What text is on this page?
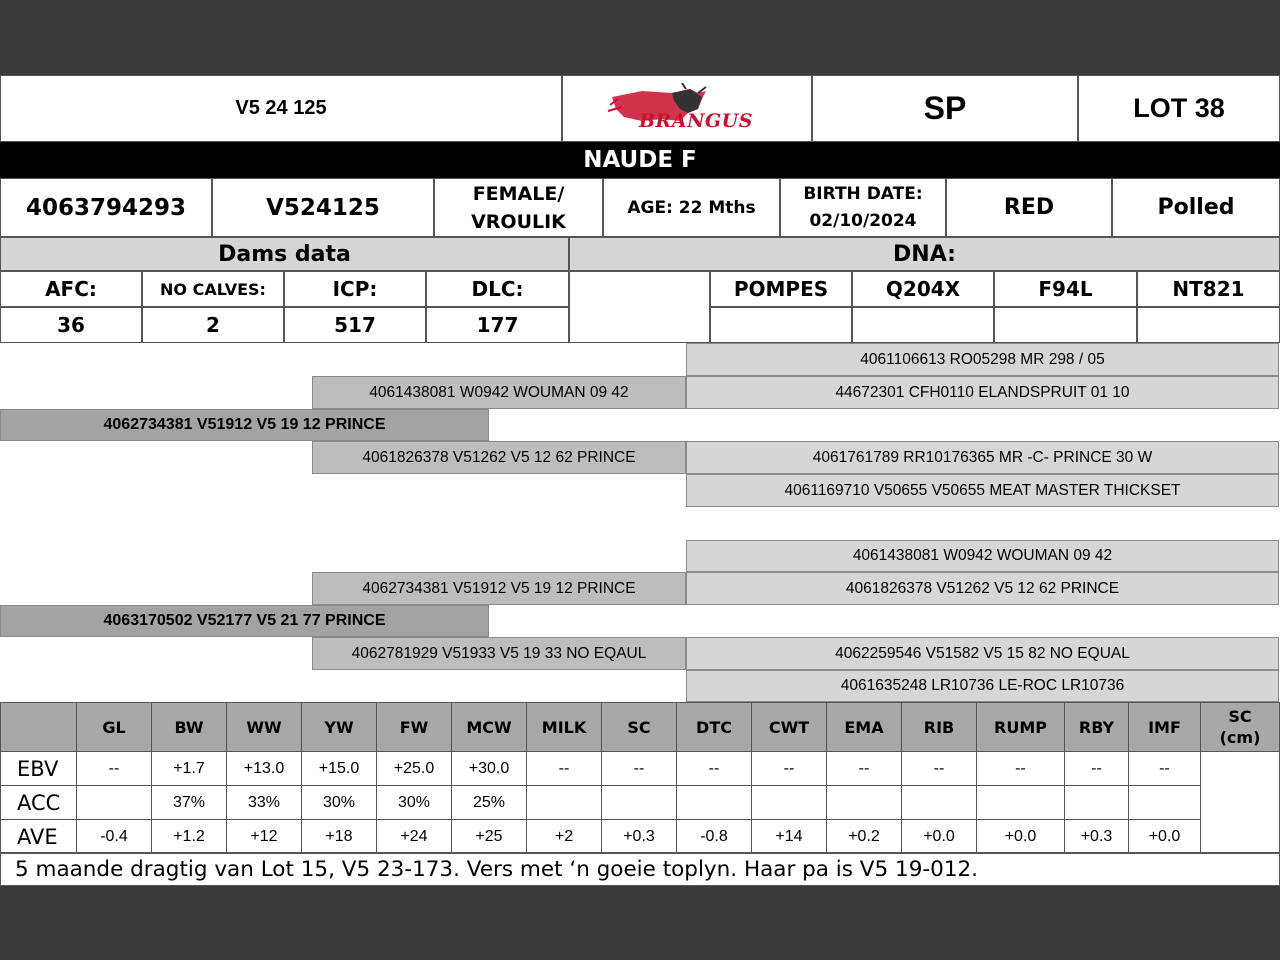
V5 24 125
BRANGUS	SP	LOT 38
NAUDE F
4063794293	V524125
FEMALE/
VROULIK
AGE: 22 Mths
BIRTH DATE:
02/10/2024
RED	Polled
Dams data	DNA:
AFC:	NO CALVES:	ICP:	DLC:
36	2	517	177
POMPES	Q204X	F94L	NT821
4061106613 RO05298 MR 298 / 05
4061438081 W0942 WOUMAN 09 42	44672301 CFH0110 ELANDSPRUIT 01 10
4062734381 V51912 V5 19 12 PRINCE
4061826378 V51262 V5 12 62 PRINCE	4061761789 RR10176365 MR -C- PRINCE 30 W
4061169710 V50655 V50655 MEAT MASTER THICKSET
4061438081 W0942 WOUMAN 09 42
4062734381 V51912 V5 19 12 PRINCE	4061826378 V51262 V5 12 62 PRINCE
4063170502 V52177 V5 21 77 PRINCE
4062781929 V51933 V5 19 33 NO EQAUL	4062259546 V51582 V5 15 82 NO EQUAL
4061635248 LR10736 LE-ROC LR10736
	GL	BW	WW	YW	FW	MCW	MILK	SC	DTC	CWT	EMA	RIB	RUMP	RBY	IMF	SC
(cm)
EBV	--	+1.7	+13.0	+15.0	+25.0	+30.0	--	--	--	--	--	--	--	--	--	
ACC		37%	33%	30%	30%	25%										
AVE	-0.4	+1.2	+12	+18	+24	+25	+2	+0.3	-0.8	+14	+0.2	+0.0	+0.0	+0.3	+0.0	
5 maande dragtig van Lot 15, V5 23-173. Vers met ‘n goeie toplyn. Haar pa is V5 19-012.
